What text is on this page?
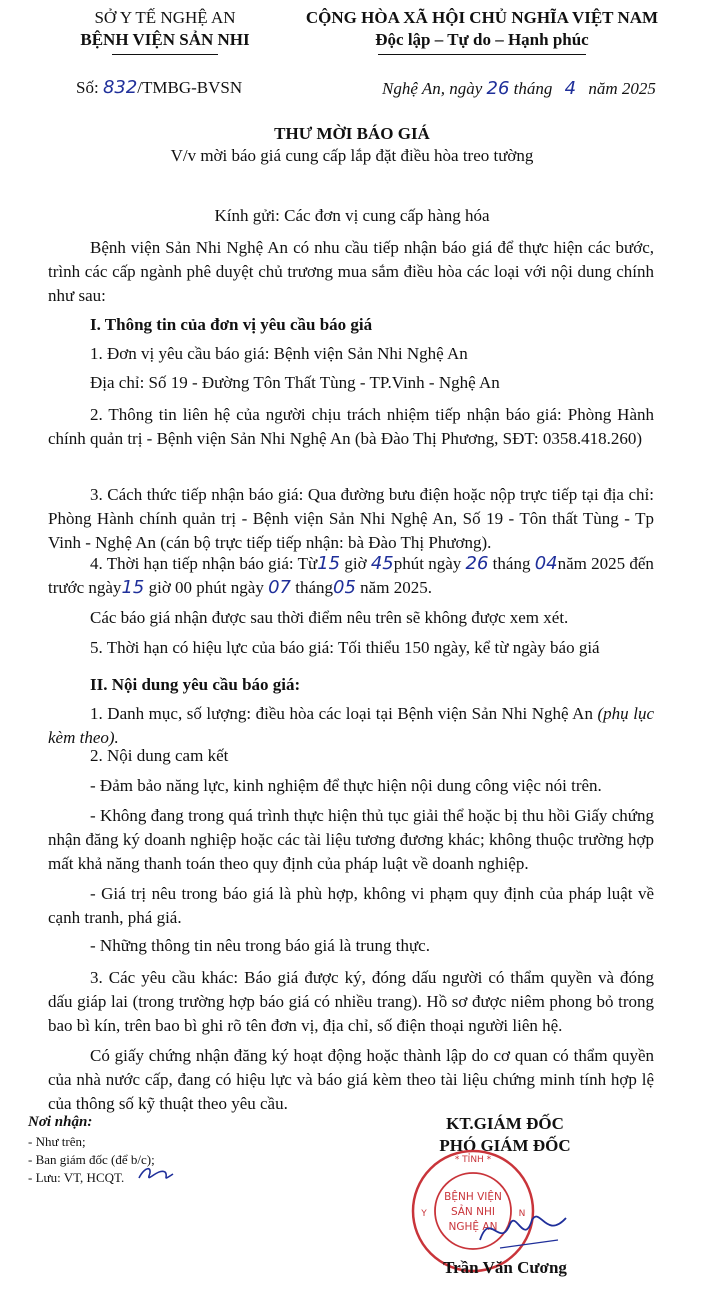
SỞ Y TẾ NGHỆ AN
BỆNH VIỆN SẢN NHI
CỘNG HÒA XÃ HỘI CHỦ NGHĨA VIỆT NAM
Độc lập – Tự do – Hạnh phúc
Số: 832/TMBG-BVSN	Nghệ An, ngày 26 tháng 4 năm 2025
THƯ MỜI BÁO GIÁ
V/v mời báo giá cung cấp lắp đặt điều hòa treo tường
Kính gửi: Các đơn vị cung cấp hàng hóa
Bệnh viện Sản Nhi Nghệ An có nhu cầu tiếp nhận báo giá để thực hiện các bước, trình các cấp ngành phê duyệt chủ trương mua sắm điều hòa các loại với nội dung chính như sau:
I. Thông tin của đơn vị yêu cầu báo giá
1. Đơn vị yêu cầu báo giá: Bệnh viện Sản Nhi Nghệ An
Địa chỉ: Số 19 - Đường Tôn Thất Tùng - TP.Vinh - Nghệ An
2. Thông tin liên hệ của người chịu trách nhiệm tiếp nhận báo giá: Phòng Hành chính quản trị - Bệnh viện Sản Nhi Nghệ An (bà Đào Thị Phương, SĐT: 0358.418.260)
3. Cách thức tiếp nhận báo giá: Qua đường bưu điện hoặc nộp trực tiếp tại địa chỉ: Phòng Hành chính quản trị - Bệnh viện Sản Nhi Nghệ An, Số 19 - Tôn thất Tùng - Tp Vinh - Nghệ An (cán bộ trực tiếp tiếp nhận: bà Đào Thị Phương).
4. Thời hạn tiếp nhận báo giá: Từ15 giờ 45phút ngày 26 tháng 04năm 2025 đến
trước ngày15 giờ 00 phút ngày 07 tháng05 năm 2025.
Các báo giá nhận được sau thời điểm nêu trên sẽ không được xem xét.
5. Thời hạn có hiệu lực của báo giá: Tối thiểu 150 ngày, kể từ ngày báo giá
II. Nội dung yêu cầu báo giá:
1. Danh mục, số lượng: điều hòa các loại tại Bệnh viện Sản Nhi Nghệ An (phụ lục kèm theo).
2. Nội dung cam kết
- Đảm bảo năng lực, kinh nghiệm để thực hiện nội dung công việc nói trên.
- Không đang trong quá trình thực hiện thủ tục giải thể hoặc bị thu hồi Giấy chứng nhận đăng ký doanh nghiệp hoặc các tài liệu tương đương khác; không thuộc trường hợp mất khả năng thanh toán theo quy định của pháp luật về doanh nghiệp.
- Giá trị nêu trong báo giá là phù hợp, không vi phạm quy định của pháp luật về cạnh tranh, phá giá.
- Những thông tin nêu trong báo giá là trung thực.
3. Các yêu cầu khác: Báo giá được ký, đóng dấu người có thẩm quyền và đóng dấu giáp lai (trong trường hợp báo giá có nhiều trang). Hồ sơ được niêm phong bỏ trong bao bì kín, trên bao bì ghi rõ tên đơn vị, địa chỉ, số điện thoại người liên hệ.
Có giấy chứng nhận đăng ký hoạt động hoặc thành lập do cơ quan có thẩm quyền của nhà nước cấp, đang có hiệu lực và báo giá kèm theo tài liệu chứng minh tính hợp lệ của thông số kỹ thuật theo yêu cầu.
Nơi nhận:
- Như trên;
- Ban giám đốc (để b/c);
- Lưu: VT, HCQT.
KT.GIÁM ĐỐC
PHÓ GIÁM ĐỐC
* TỈNH *
Y	N
BỆNH VIỆN
SẢN NHI
NGHỆ AN
Trần Văn Cương
